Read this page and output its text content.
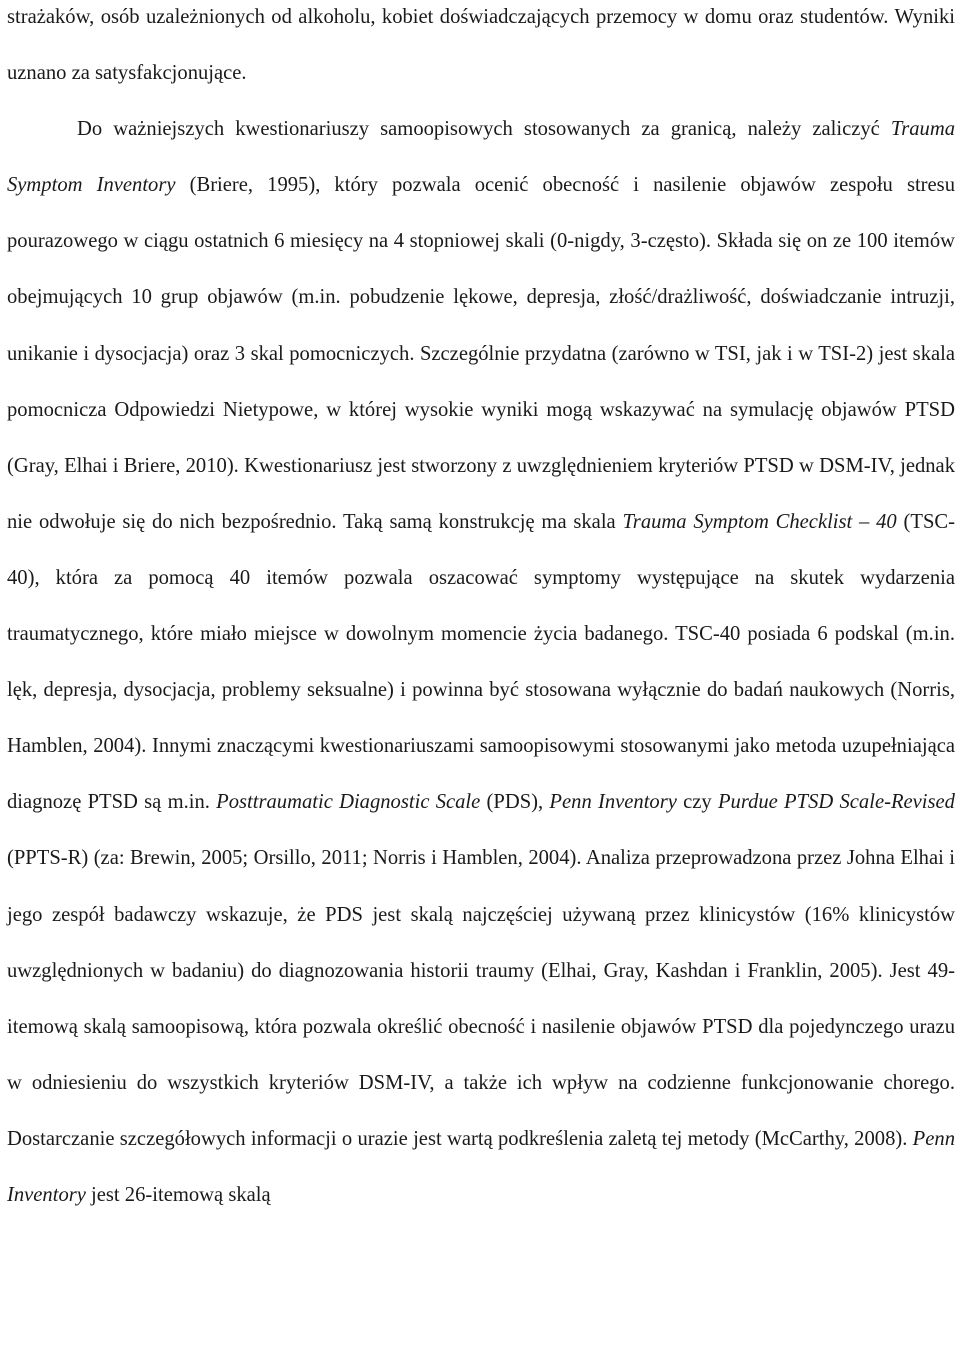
strażaków, osób uzależnionych od alkoholu, kobiet doświadczających przemocy w domu oraz studentów. Wyniki uznano za satysfakcjonujące.

Do ważniejszych kwestionariuszy samoopisowych stosowanych za granicą, należy zaliczyć Trauma Symptom Inventory (Briere, 1995), który pozwala ocenić obecność i nasilenie objawów zespołu stresu pourazowego w ciągu ostatnich 6 miesięcy na 4 stopniowej skali (0-nigdy, 3-często). Składa się on ze 100 itemów obejmujących 10 grup objawów (m.in. pobudzenie lękowe, depresja, złość/drażliwość, doświadczanie intruzji, unikanie i dysocjacja) oraz 3 skal pomocniczych. Szczególnie przydatna (zarówno w TSI, jak i w TSI-2) jest skala pomocnicza Odpowiedzi Nietypowe, w której wysokie wyniki mogą wskazywać na symulację objawów PTSD (Gray, Elhai i Briere, 2010). Kwestionariusz jest stworzony z uwzględnieniem kryteriów PTSD w DSM-IV, jednak nie odwołuje się do nich bezpośrednio. Taką samą konstrukcję ma skala Trauma Symptom Checklist – 40 (TSC-40), która za pomocą 40 itemów pozwala oszacować symptomy występujące na skutek wydarzenia traumatycznego, które miało miejsce w dowolnym momencie życia badanego. TSC-40 posiada 6 podskal (m.in. lęk, depresja, dysocjacja, problemy seksualne) i powinna być stosowana wyłącznie do badań naukowych (Norris, Hamblen, 2004). Innymi znaczącymi kwestionariuszami samoopisowymi stosowanymi jako metoda uzupełniająca diagnozę PTSD są m.in. Posttraumatic Diagnostic Scale (PDS), Penn Inventory czy Purdue PTSD Scale-Revised (PPTS-R) (za: Brewin, 2005; Orsillo, 2011; Norris i Hamblen, 2004). Analiza przeprowadzona przez Johna Elhai i jego zespół badawczy wskazuje, że PDS jest skalą najczęściej używaną przez klinicystów (16% klinicystów uwzględnionych w badaniu) do diagnozowania historii traumy (Elhai, Gray, Kashdan i Franklin, 2005). Jest 49-itemową skalą samoopisową, która pozwala określić obecność i nasilenie objawów PTSD dla pojedynczego urazu w odniesieniu do wszystkich kryteriów DSM-IV, a także ich wpływ na codzienne funkcjonowanie chorego. Dostarczanie szczegółowych informacji o urazie jest wartą podkreślenia zaletą tej metody (McCarthy, 2008). Penn Inventory jest 26-itemową skalą
